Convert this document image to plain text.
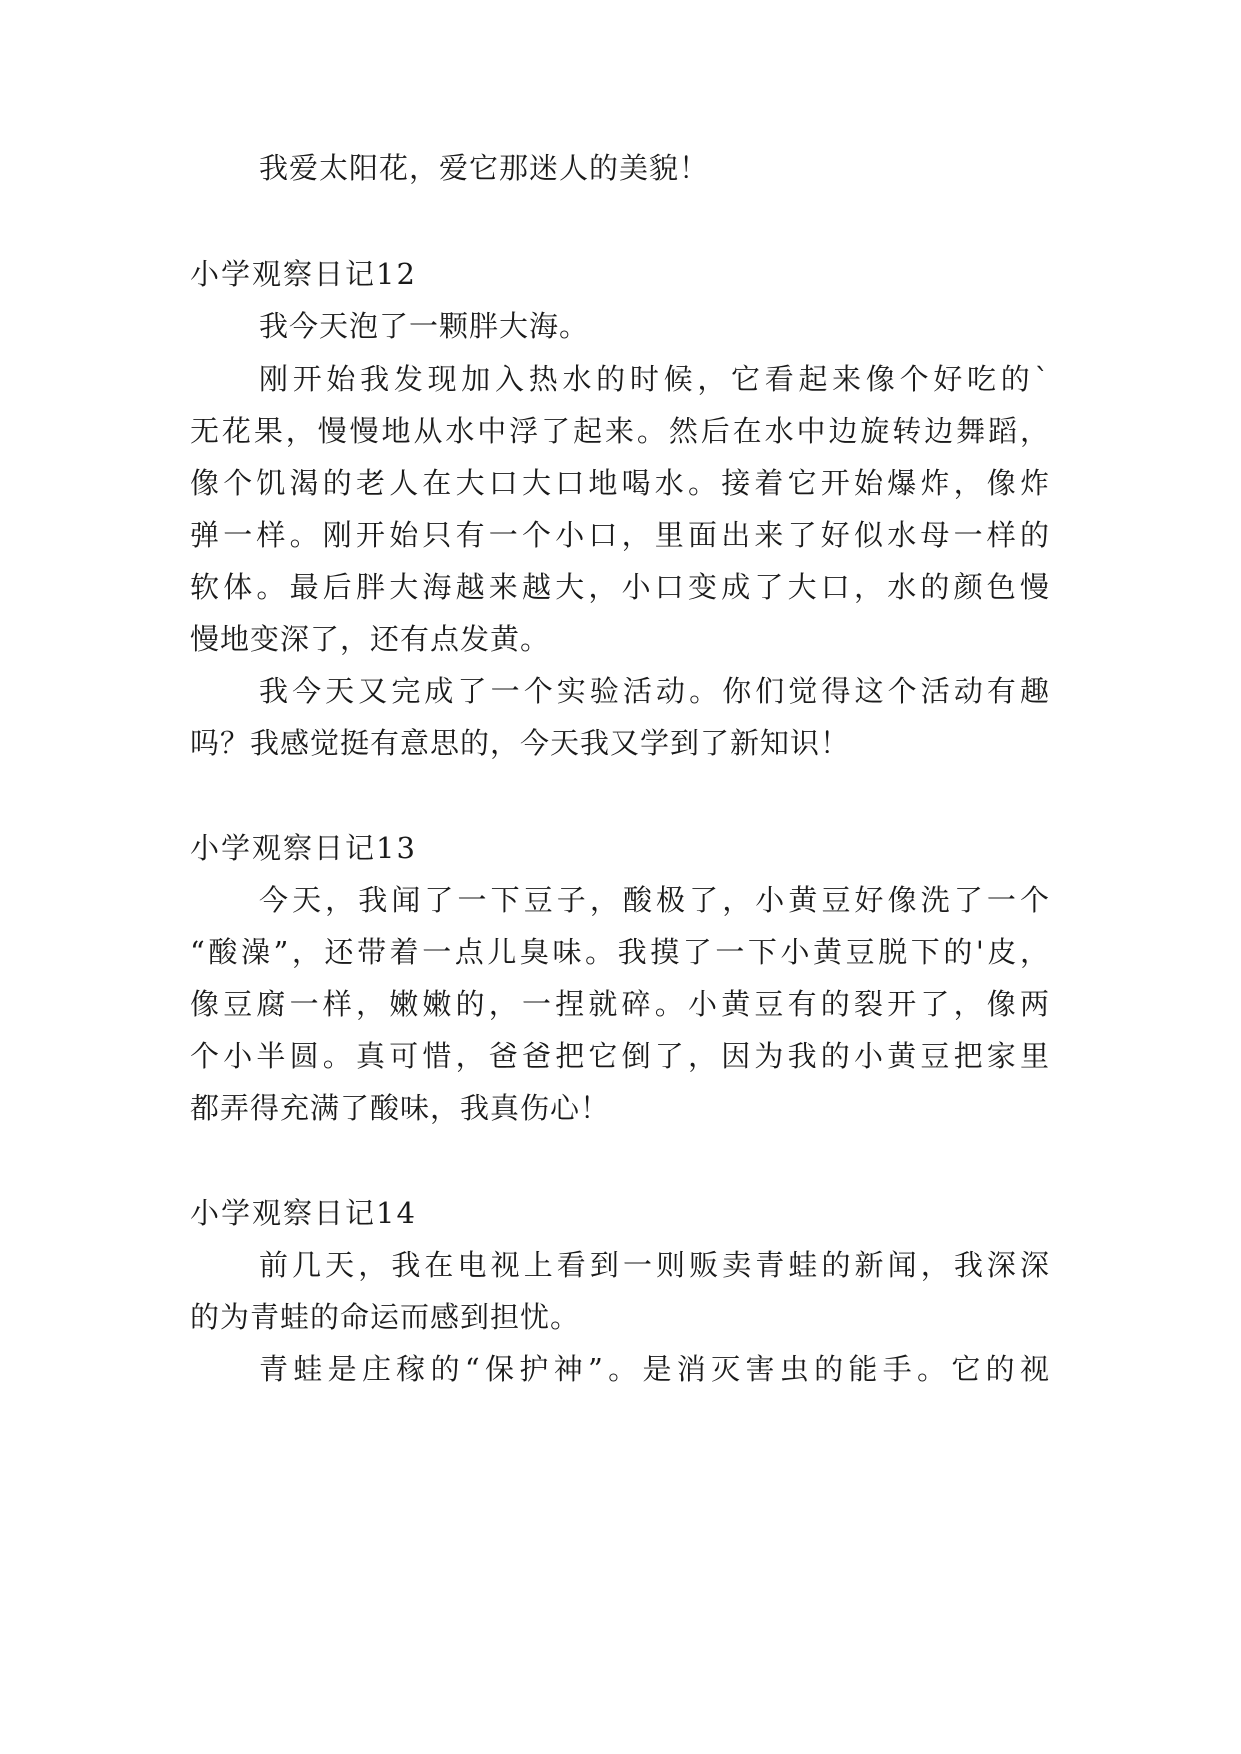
我爱太阳花，爱它那迷人的美貌！
小学观察日记12
我今天泡了一颗胖大海。
刚开始我发现加入热水的时候，它看起来像个好吃的`
无花果，慢慢地从水中浮了起来。然后在水中边旋转边舞蹈，
像个饥渴的老人在大口大口地喝水。接着它开始爆炸，像炸
弹一样。刚开始只有一个小口，里面出来了好似水母一样的
软体。最后胖大海越来越大，小口变成了大口，水的颜色慢
慢地变深了，还有点发黄。
我今天又完成了一个实验活动。你们觉得这个活动有趣
吗？我感觉挺有意思的，今天我又学到了新知识！
小学观察日记13
今天，我闻了一下豆子，酸极了，小黄豆好像洗了一个
“酸澡”，还带着一点儿臭味。我摸了一下小黄豆脱下的'皮，
像豆腐一样，嫩嫩的，一捏就碎。小黄豆有的裂开了，像两
个小半圆。真可惜，爸爸把它倒了，因为我的小黄豆把家里
都弄得充满了酸味，我真伤心！
小学观察日记14
前几天，我在电视上看到一则贩卖青蛙的新闻，我深深
的为青蛙的命运而感到担忧。
青蛙是庄稼的“保护神”。是消灭害虫的能手。它的视
